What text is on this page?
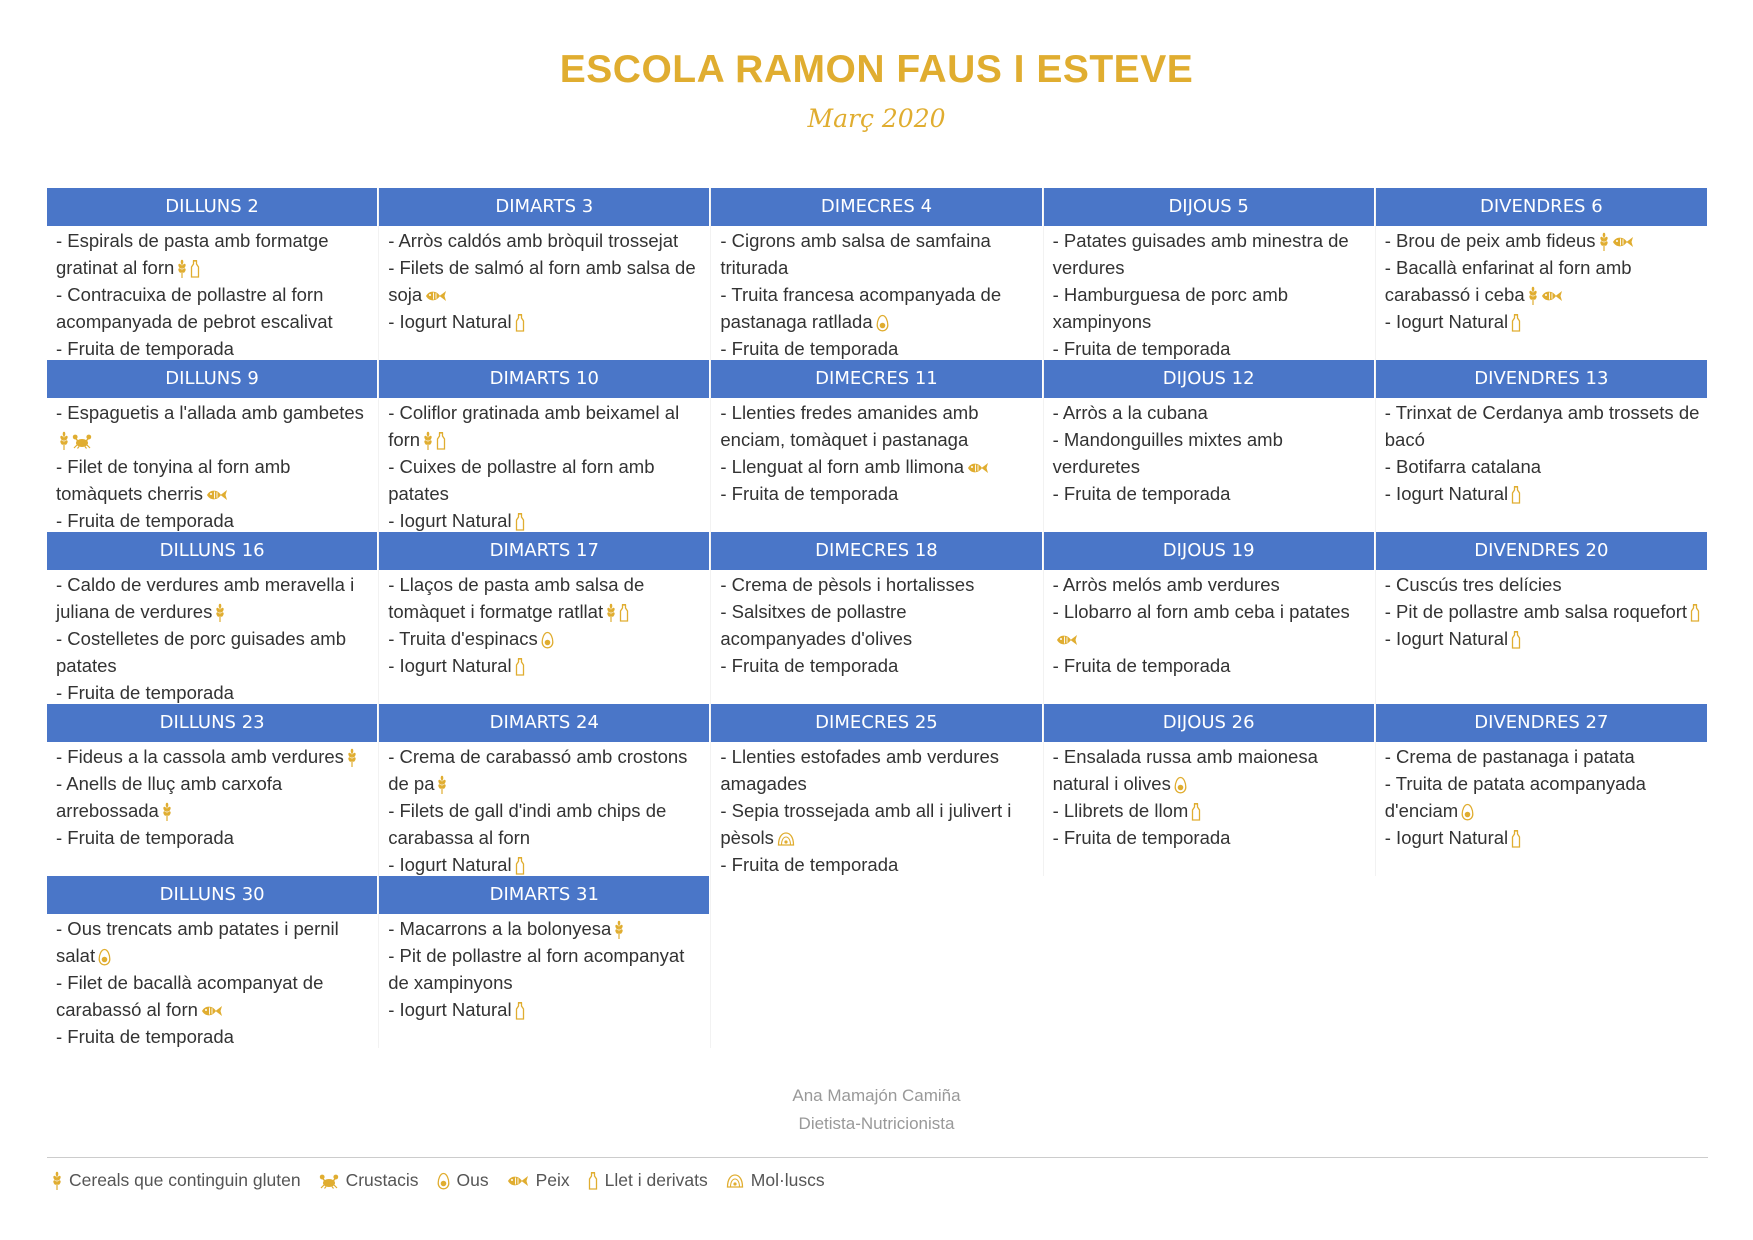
ESCOLA RAMON FAUS I ESTEVE
Març 2020
DILLUNS 2
- Espirals de pasta amb formatge gratinat al forn
- Contracuixa de pollastre al forn acompanyada de pebrot escalivat
- Fruita de temporada
DIMARTS 3
- Arròs caldós amb bròquil trossejat
- Filets de salmó al forn amb salsa de soja
- Iogurt Natural
DIMECRES 4
- Cigrons amb salsa de samfaina triturada
- Truita francesa acompanyada de pastanaga ratllada
- Fruita de temporada
DIJOUS 5
- Patates guisades amb minestra de verdures
- Hamburguesa de porc amb xampinyons
- Fruita de temporada
DIVENDRES 6
- Brou de peix amb fideus
- Bacallà enfarinat al forn amb carabassó i ceba
- Iogurt Natural
DILLUNS 9
- Espaguetis a l'allada amb gambetes
- Filet de tonyina al forn amb tomàquets cherris
- Fruita de temporada
DIMARTS 10
- Coliflor gratinada amb beixamel al forn
- Cuixes de pollastre al forn amb patates
- Iogurt Natural
DIMECRES 11
- Llenties fredes amanides amb enciam, tomàquet i pastanaga
- Llenguat al forn amb llimona
- Fruita de temporada
DIJOUS 12
- Arròs a la cubana
- Mandonguilles mixtes amb verduretes
- Fruita de temporada
DIVENDRES 13
- Trinxat de Cerdanya amb trossets de bacó
- Botifarra catalana
- Iogurt Natural
DILLUNS 16
- Caldo de verdures amb meravella i juliana de verdures
- Costelletes de porc guisades amb patates
- Fruita de temporada
DIMARTS 17
- Llaços de pasta amb salsa de tomàquet i formatge ratllat
- Truita d'espinacs
- Iogurt Natural
DIMECRES 18
- Crema de pèsols i hortalisses
- Salsitxes de pollastre acompanyades d'olives
- Fruita de temporada
DIJOUS 19
- Arròs melós amb verdures
- Llobarro al forn amb ceba i patates
- Fruita de temporada
DIVENDRES 20
- Cuscús tres delícies
- Pit de pollastre amb salsa roquefort
- Iogurt Natural
DILLUNS 23
- Fideus a la cassola amb verdures
- Anells de lluç amb carxofa arrebossada
- Fruita de temporada
DIMARTS 24
- Crema de carabassó amb crostons de pa
- Filets de gall d'indi amb chips de carabassa al forn
- Iogurt Natural
DIMECRES 25
- Llenties estofades amb verdures amagades
- Sepia trossejada amb all i julivert i pèsols
- Fruita de temporada
DIJOUS 26
- Ensalada russa amb maionesa natural i olives
- Llibrets de llom
- Fruita de temporada
DIVENDRES 27
- Crema de pastanaga i patata
- Truita de patata acompanyada d'enciam
- Iogurt Natural
DILLUNS 30
- Ous trencats amb patates i pernil salat
- Filet de bacallà acompanyat de carabassó al forn
- Fruita de temporada
DIMARTS 31
- Macarrons a la bolonyesa
- Pit de pollastre al forn acompanyat de xampinyons
- Iogurt Natural
Ana Mamajón Camiña
Dietista-Nutricionista
Cereals que continguin gluten	Crustacis Ous	Peix Llet i derivats Mol·luscs
